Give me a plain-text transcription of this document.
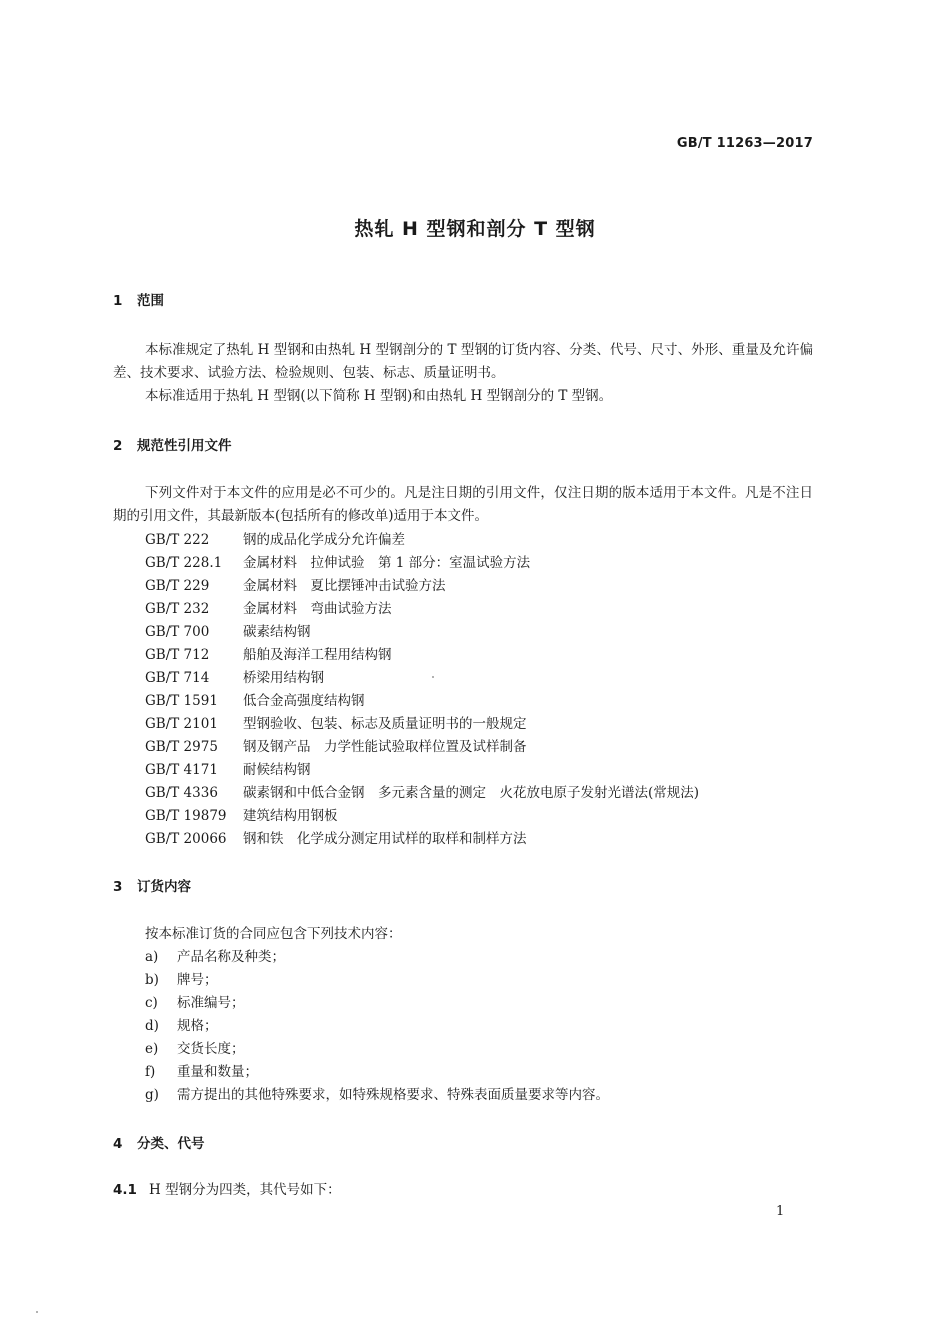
GB/T 11263—2017
热轧 H 型钢和剖分 T 型钢
1 范围
本标准规定了热轧 H 型钢和由热轧 H 型钢剖分的 T 型钢的订货内容、分类、代号、尺寸、外形、重量及允许偏差、技术要求、试验方法、检验规则、包装、标志、质量证明书。
本标准适用于热轧 H 型钢(以下简称 H 型钢)和由热轧 H 型钢剖分的 T 型钢。
2 规范性引用文件
下列文件对于本文件的应用是必不可少的。凡是注日期的引用文件，仅注日期的版本适用于本文件。凡是不注日期的引用文件，其最新版本(包括所有的修改单)适用于本文件。
GB/T 222 钢的成品化学成分允许偏差
GB/T 228.1 金属材料　拉伸试验　第 1 部分：室温试验方法
GB/T 229 金属材料　夏比摆锤冲击试验方法
GB/T 232 金属材料　弯曲试验方法
GB/T 700 碳素结构钢
GB/T 712 船舶及海洋工程用结构钢
GB/T 714 桥梁用结构钢
GB/T 1591 低合金高强度结构钢
GB/T 2101 型钢验收、包装、标志及质量证明书的一般规定
GB/T 2975 钢及钢产品　力学性能试验取样位置及试样制备
GB/T 4171 耐候结构钢
GB/T 4336 碳素钢和中低合金钢　多元素含量的测定　火花放电原子发射光谱法(常规法)
GB/T 19879 建筑结构用钢板
GB/T 20066 钢和铁　化学成分测定用试样的取样和制样方法
3 订货内容
按本标准订货的合同应包含下列技术内容：
a) 产品名称及种类；
b) 牌号；
c) 标准编号；
d) 规格；
e) 交货长度；
f) 重量和数量；
g) 需方提出的其他特殊要求，如特殊规格要求、特殊表面质量要求等内容。
4 分类、代号
4.1 H 型钢分为四类，其代号如下：
1
